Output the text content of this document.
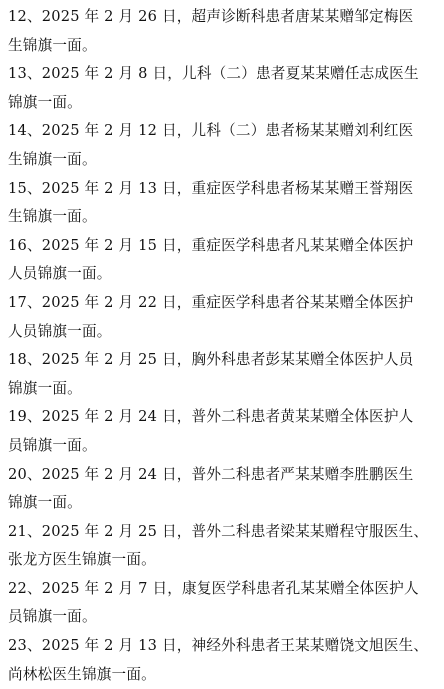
12、2025 年 2 月 26 日，超声诊断科患者唐某某赠邹定梅医
生锦旗一面。
13、2025 年 2 月 8 日，儿科（二）患者夏某某赠任志成医生
锦旗一面。
14、2025 年 2 月 12 日，儿科（二）患者杨某某赠刘利红医
生锦旗一面。
15、2025 年 2 月 13 日，重症医学科患者杨某某赠王誉翔医
生锦旗一面。
16、2025 年 2 月 15 日，重症医学科患者凡某某赠全体医护
人员锦旗一面。
17、2025 年 2 月 22 日，重症医学科患者谷某某赠全体医护
人员锦旗一面。
18、2025 年 2 月 25 日，胸外科患者彭某某赠全体医护人员
锦旗一面。
19、2025 年 2 月 24 日，普外二科患者黄某某赠全体医护人
员锦旗一面。
20、2025 年 2 月 24 日，普外二科患者严某某赠李胜鹏医生
锦旗一面。
21、2025 年 2 月 25 日，普外二科患者梁某某赠程守服医生、
张龙方医生锦旗一面。
22、2025 年 2 月 7 日，康复医学科患者孔某某赠全体医护人
员锦旗一面。
23、2025 年 2 月 13 日，神经外科患者王某某赠饶文旭医生、
尚林松医生锦旗一面。
